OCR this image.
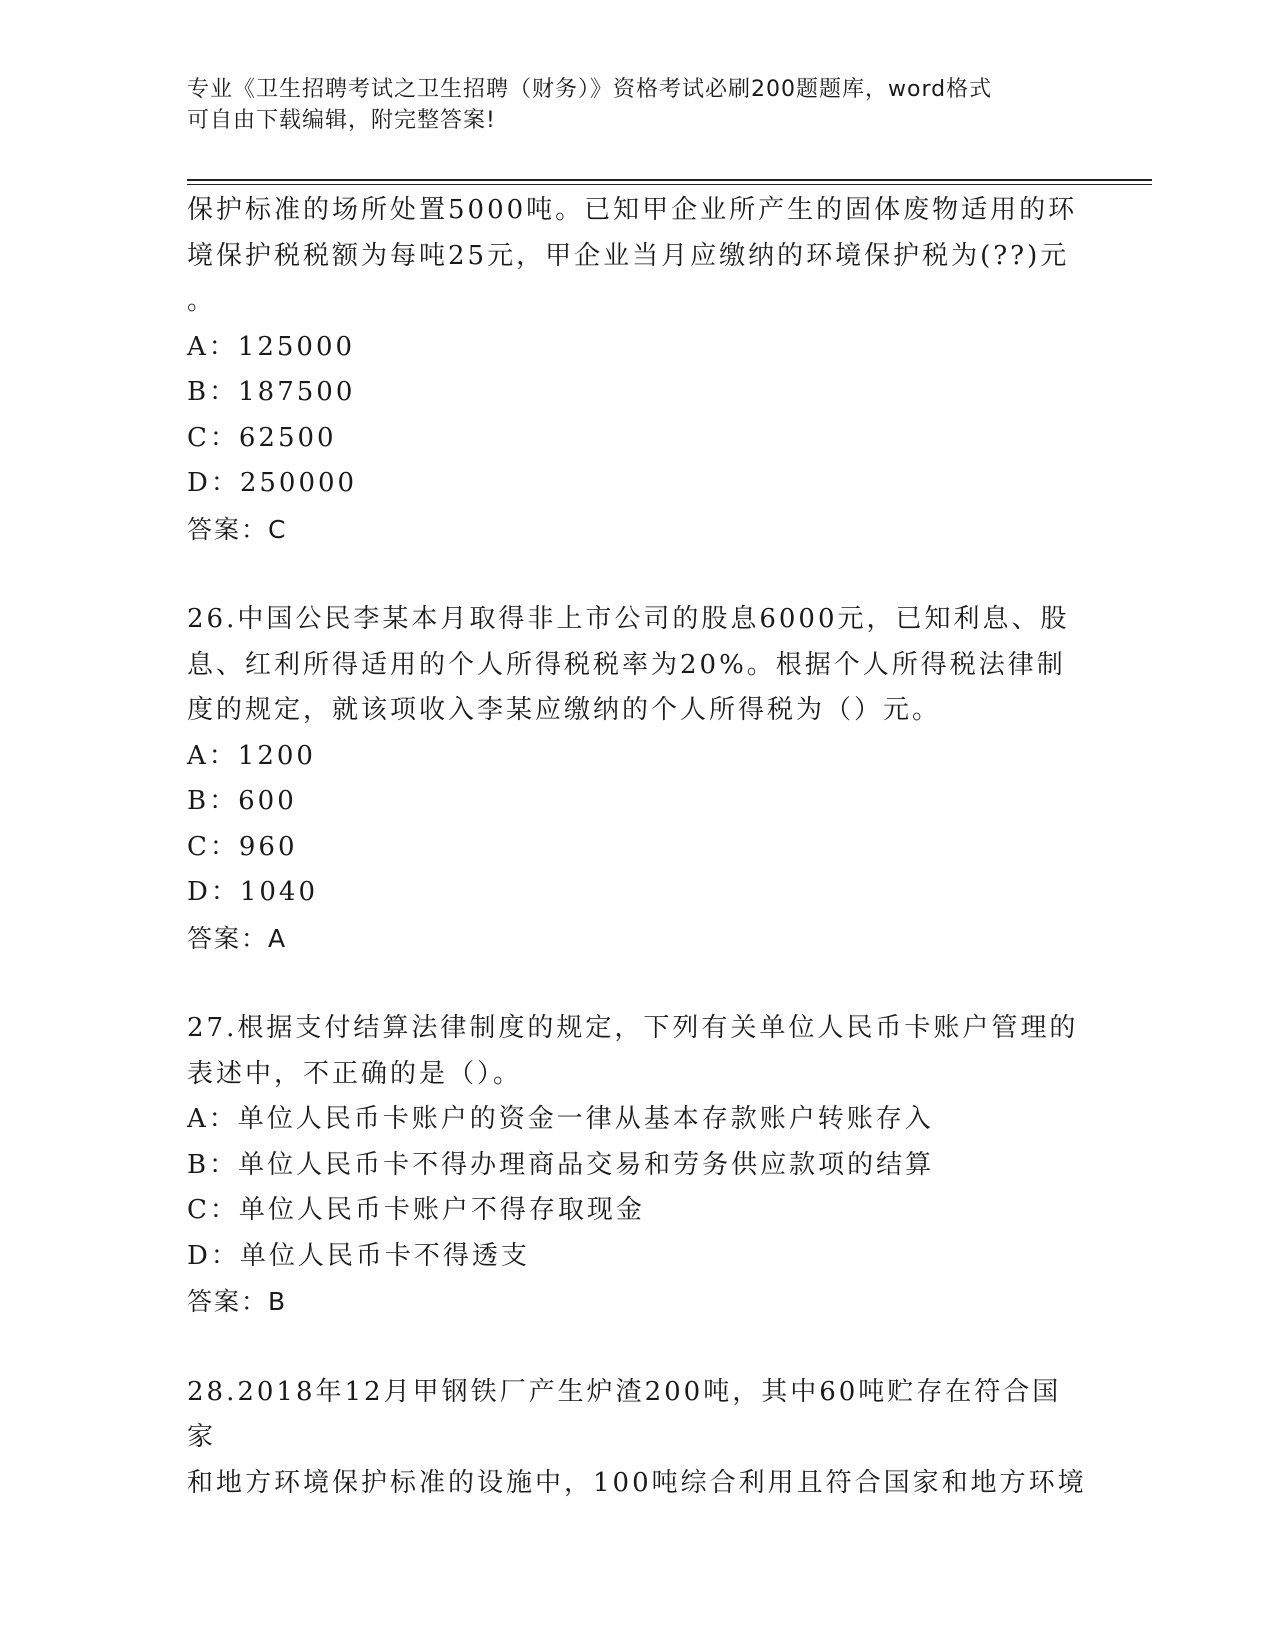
专业《卫生招聘考试之卫生招聘（财务）》资格考试必刷200题题库，word格式
可自由下载编辑，附完整答案!

保护标准的场所处置5000吨。已知甲企业所产生的固体废物适用的环

境保护税税额为每吨25元，甲企业当月应缴纳的环境保护税为(??)元

。

A：125000

B：187500

C：62500

D：250000

答案：C

26.中国公民李某本月取得非上市公司的股息6000元，已知利息、股

息、红利所得适用的个人所得税税率为20%。根据个人所得税法律制

度的规定，就该项收入李某应缴纳的个人所得税为（）元。

A：1200

B：600

C：960

D：1040

答案：A

27.根据支付结算法律制度的规定，下列有关单位人民币卡账户管理的

表述中，不正确的是（）。

A：单位人民币卡账户的资金一律从基本存款账户转账存入

B：单位人民币卡不得办理商品交易和劳务供应款项的结算

C：单位人民币卡账户不得存取现金

D：单位人民币卡不得透支

答案：B

28.2018年12月甲钢铁厂产生炉渣200吨，其中60吨贮存在符合国家

和地方环境保护标准的设施中，100吨综合利用且符合国家和地方环境
